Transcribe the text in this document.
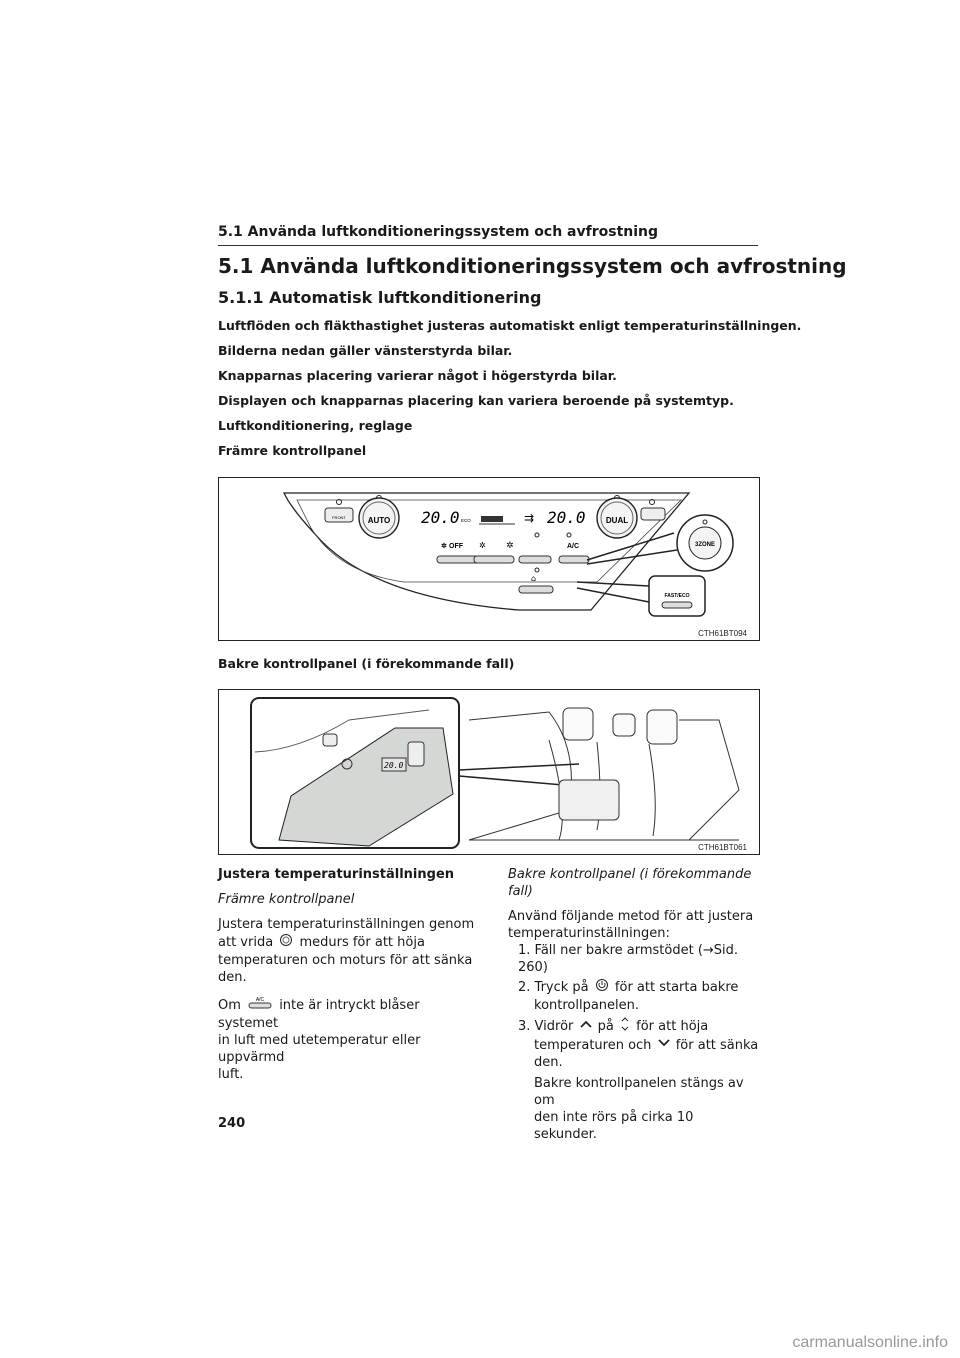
5.1 Använda luftkonditioneringssystem och avfrostning
5.1 Använda luftkonditioneringssystem och avfrostning
5.1.1 Automatisk luftkonditionering
Luftflöden och fläkthastighet justeras automatiskt enligt temperaturinställningen.
Bilderna nedan gäller vänsterstyrda bilar.
Knapparnas placering varierar något i högerstyrda bilar.
Displayen och knapparnas placering kan variera beroende på systemtyp.
Luftkonditionering, reglage
Främre kontrollpanel
FRONT	AUTO 20.0 ECO	⇉ 20.0	DUAL
✲ OFF ✲ ✲	A/C
⌂
3ZONE
FAST/ECO
CTH61BT094
Bakre kontrollpanel (i förekommande fall)
20.0
CTH61BT061
Justera temperaturinställningen
Främre kontrollpanel
Justera temperaturinställningen genom
att vrida medurs för att höja
temperaturen och moturs för att sänka
den.
Om	A/C inte är intryckt blåser systemet
in luft med utetemperatur eller uppvärmd
luft.
Bakre kontrollpanel (i förekommande fall)
Använd följande metod för att justera
temperaturinställningen:
1. Fäll ner bakre armstödet (→Sid. 260)
2. Tryck på för att starta bakre
kontrollpanelen.
3. Vidrör på för att höja
temperaturen och för att sänka
den.
Bakre kontrollpanelen stängs av om
den inte rörs på cirka 10 sekunder.
240
carmanualsonline.info
